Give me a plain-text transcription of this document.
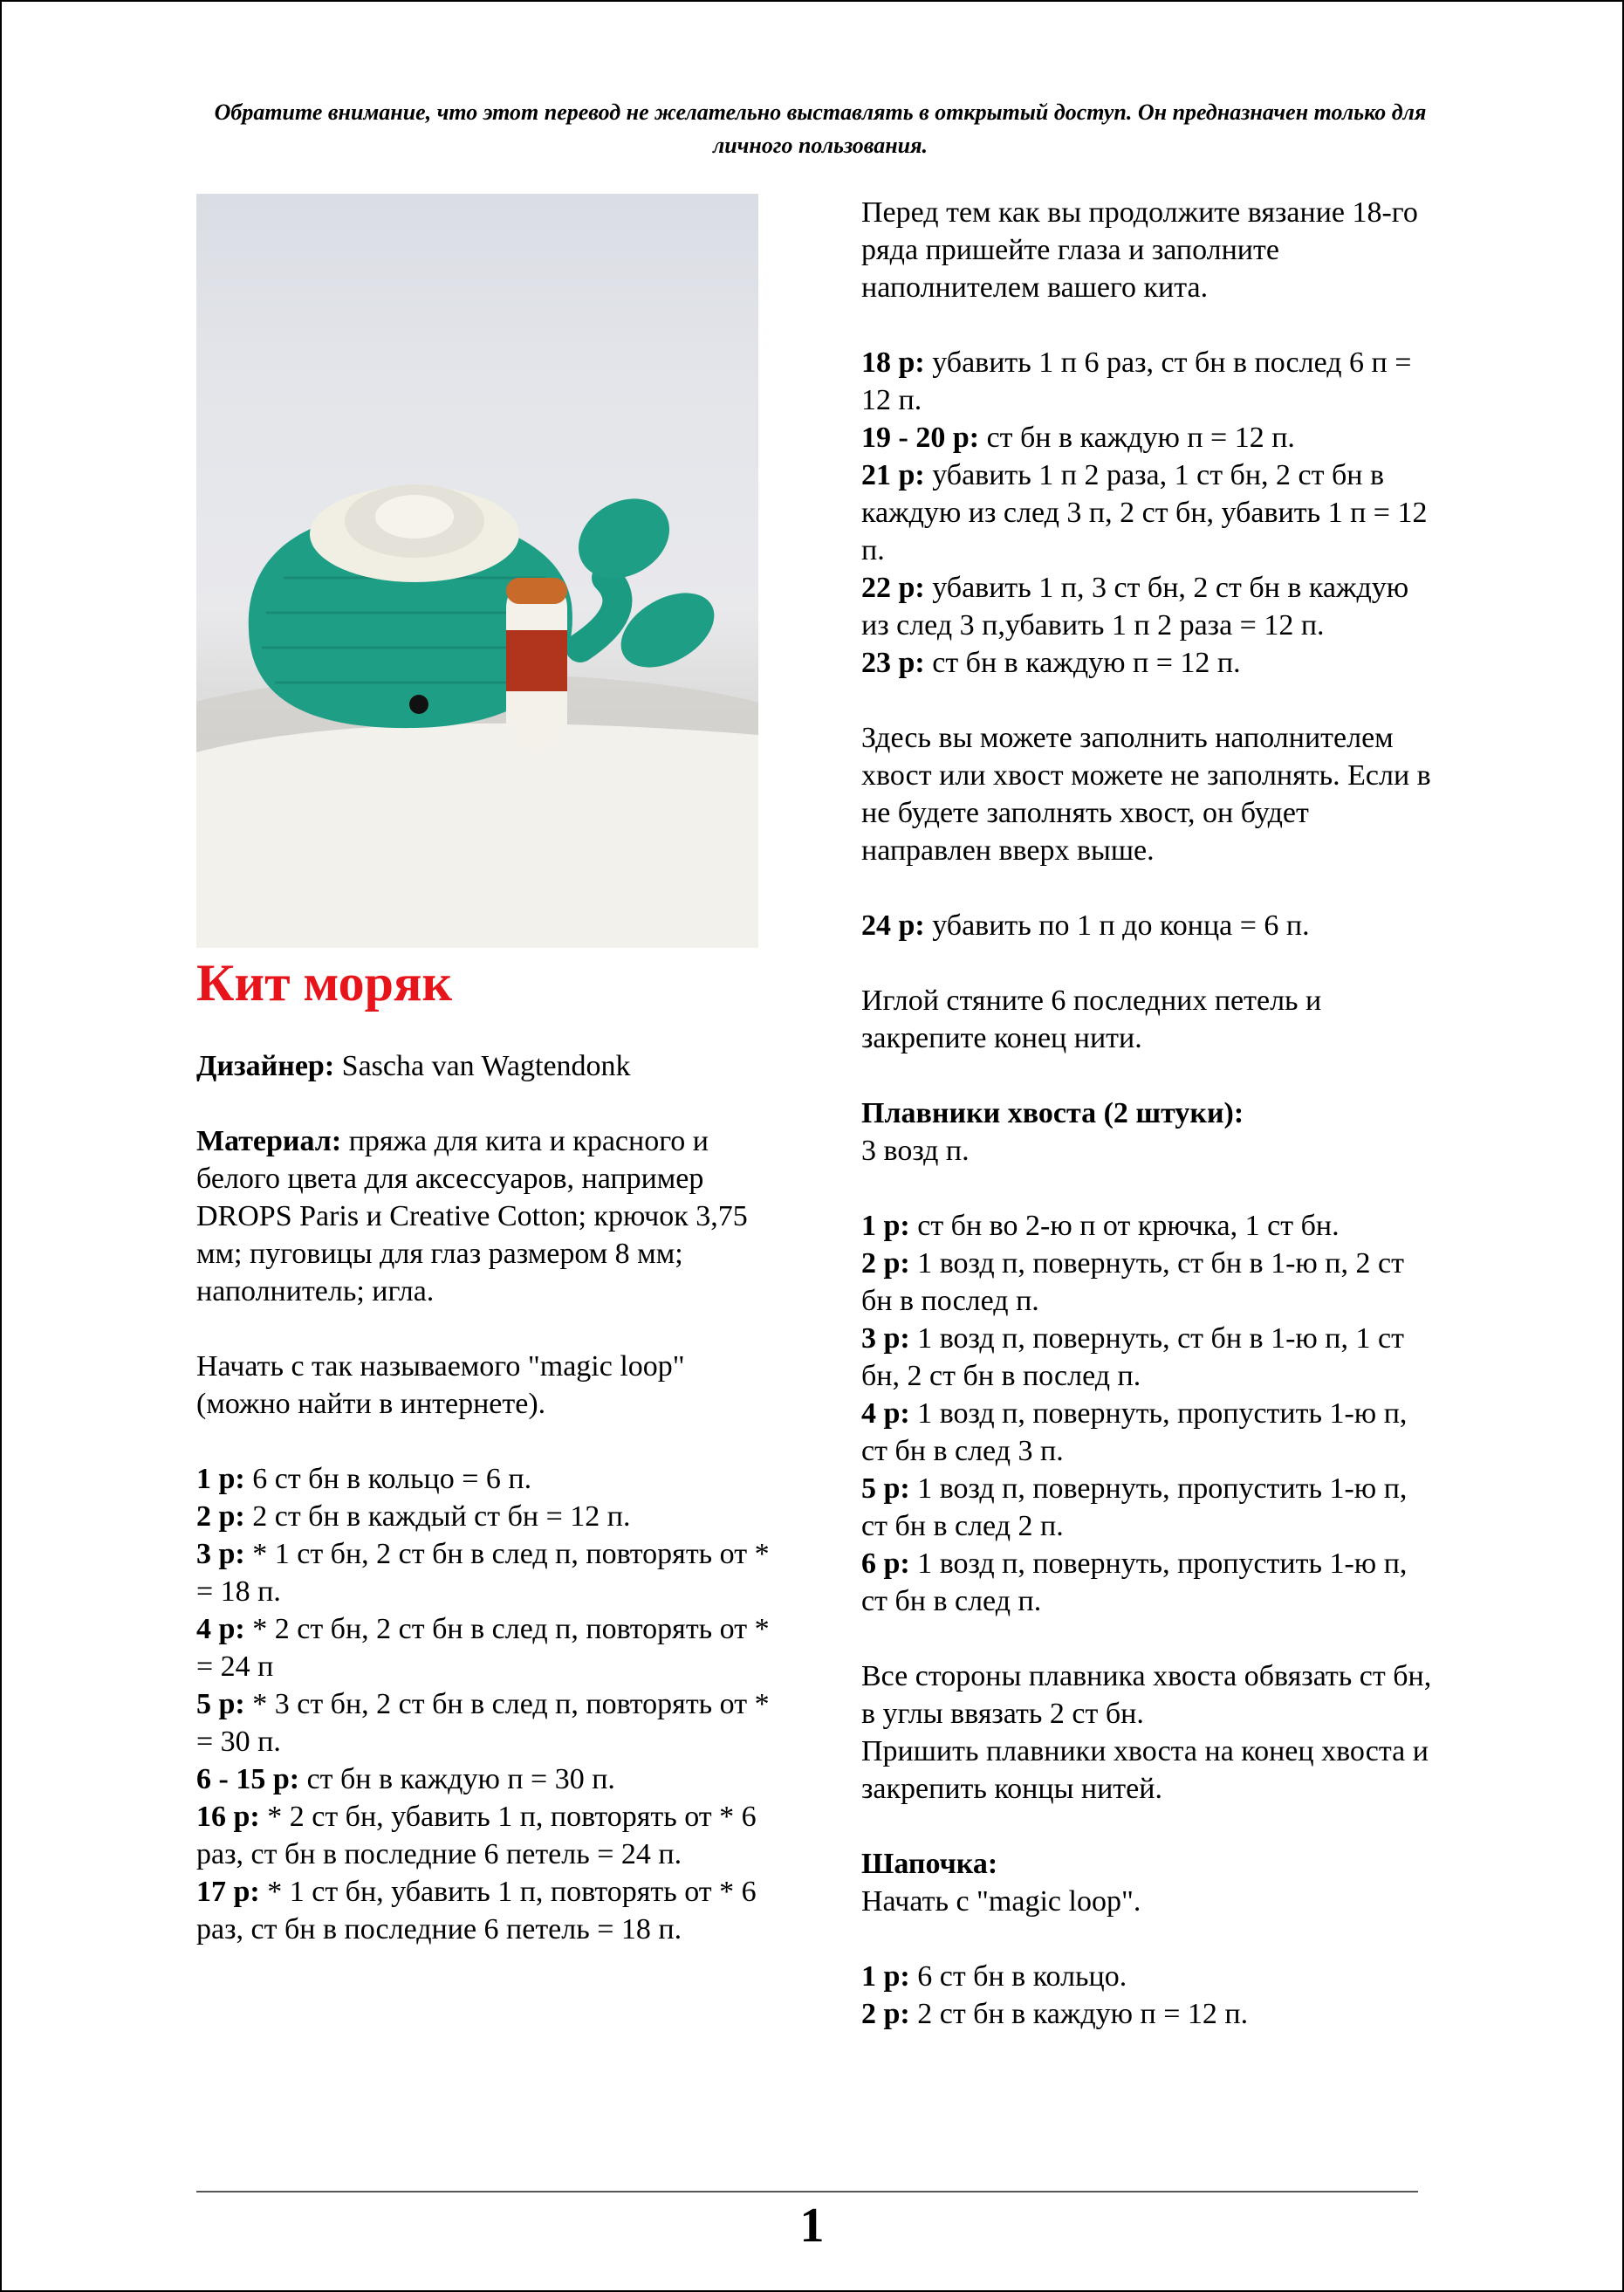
Обратите внимание, что этот перевод не желательно выставлять в открытый доступ. Он предназначен только для личного пользования.
Кит моряк

Дизайнер: Sascha van Wagtendonk

Материал: пряжа для кита и красного и белого цвета для аксессуаров, например DROPS Paris и Creative Cotton; крючок 3,75 мм; пуговицы для глаз размером 8 мм; наполнитель; игла.

Начать с так называемого "magic loop" (можно найти в интернете).

1 р: 6 ст бн в кольцо = 6 п.

2 р: 2 ст бн в каждый ст бн = 12 п.

3 р: * 1 ст бн, 2 ст бн в след п, повторять от * = 18 п.

4 р: * 2 ст бн, 2 ст бн в след п, повторять от * = 24 п

5 р: * 3 ст бн, 2 ст бн в след п, повторять от * = 30 п.

6 - 15 р: ст бн в каждую п = 30 п.

16 р: * 2 ст бн, убавить 1 п, повторять от * 6 раз, ст бн в последние 6 петель = 24 п.

17 р: * 1 ст бн, убавить 1 п, повторять от * 6 раз, ст бн в последние 6 петель = 18 п.

Перед тем как вы продолжите вязание 18-го ряда пришейте глаза и заполните наполнителем вашего кита.

18 р: убавить 1 п 6 раз, ст бн в послед 6 п = 12 п.

19 - 20 р: ст бн в каждую п = 12 п.

21 р: убавить 1 п 2 раза, 1 ст бн, 2 ст бн в каждую из след 3 п, 2 ст бн, убавить 1 п = 12 п.

22 р: убавить 1 п, 3 ст бн, 2 ст бн в каждую из след 3 п,убавить 1 п 2 раза = 12 п.

23 р: ст бн в каждую п = 12 п.

Здесь вы можете заполнить наполнителем хвост или хвост можете не заполнять. Если в не будете заполнять хвост, он будет направлен вверх выше.

24 р: убавить по 1 п до конца = 6 п.

Иглой стяните 6 последних петель и закрепите конец нити.

Плавники хвоста (2 штуки):

3 возд п.

1 р: ст бн во 2-ю п от крючка, 1 ст бн.

2 р: 1 возд п, повернуть, ст бн в 1-ю п, 2 ст бн в послед п.

3 р: 1 возд п, повернуть, ст бн в 1-ю п, 1 ст бн, 2 ст бн в послед п.

4 р: 1 возд п, повернуть, пропустить 1-ю п, ст бн в след 3 п.

5 р: 1 возд п, повернуть, пропустить 1-ю п, ст бн в след 2 п.

6 р: 1 возд п, повернуть, пропустить 1-ю п, ст бн в след п.

Все стороны плавника хвоста обвязать ст бн, в углы ввязать 2 ст бн.

Пришить плавники хвоста на конец хвоста и закрепить концы нитей.

Шапочка:

Начать с "magic loop".

1 р: 6 ст бн в кольцо.

2 р: 2 ст бн в каждую п = 12 п.

1
